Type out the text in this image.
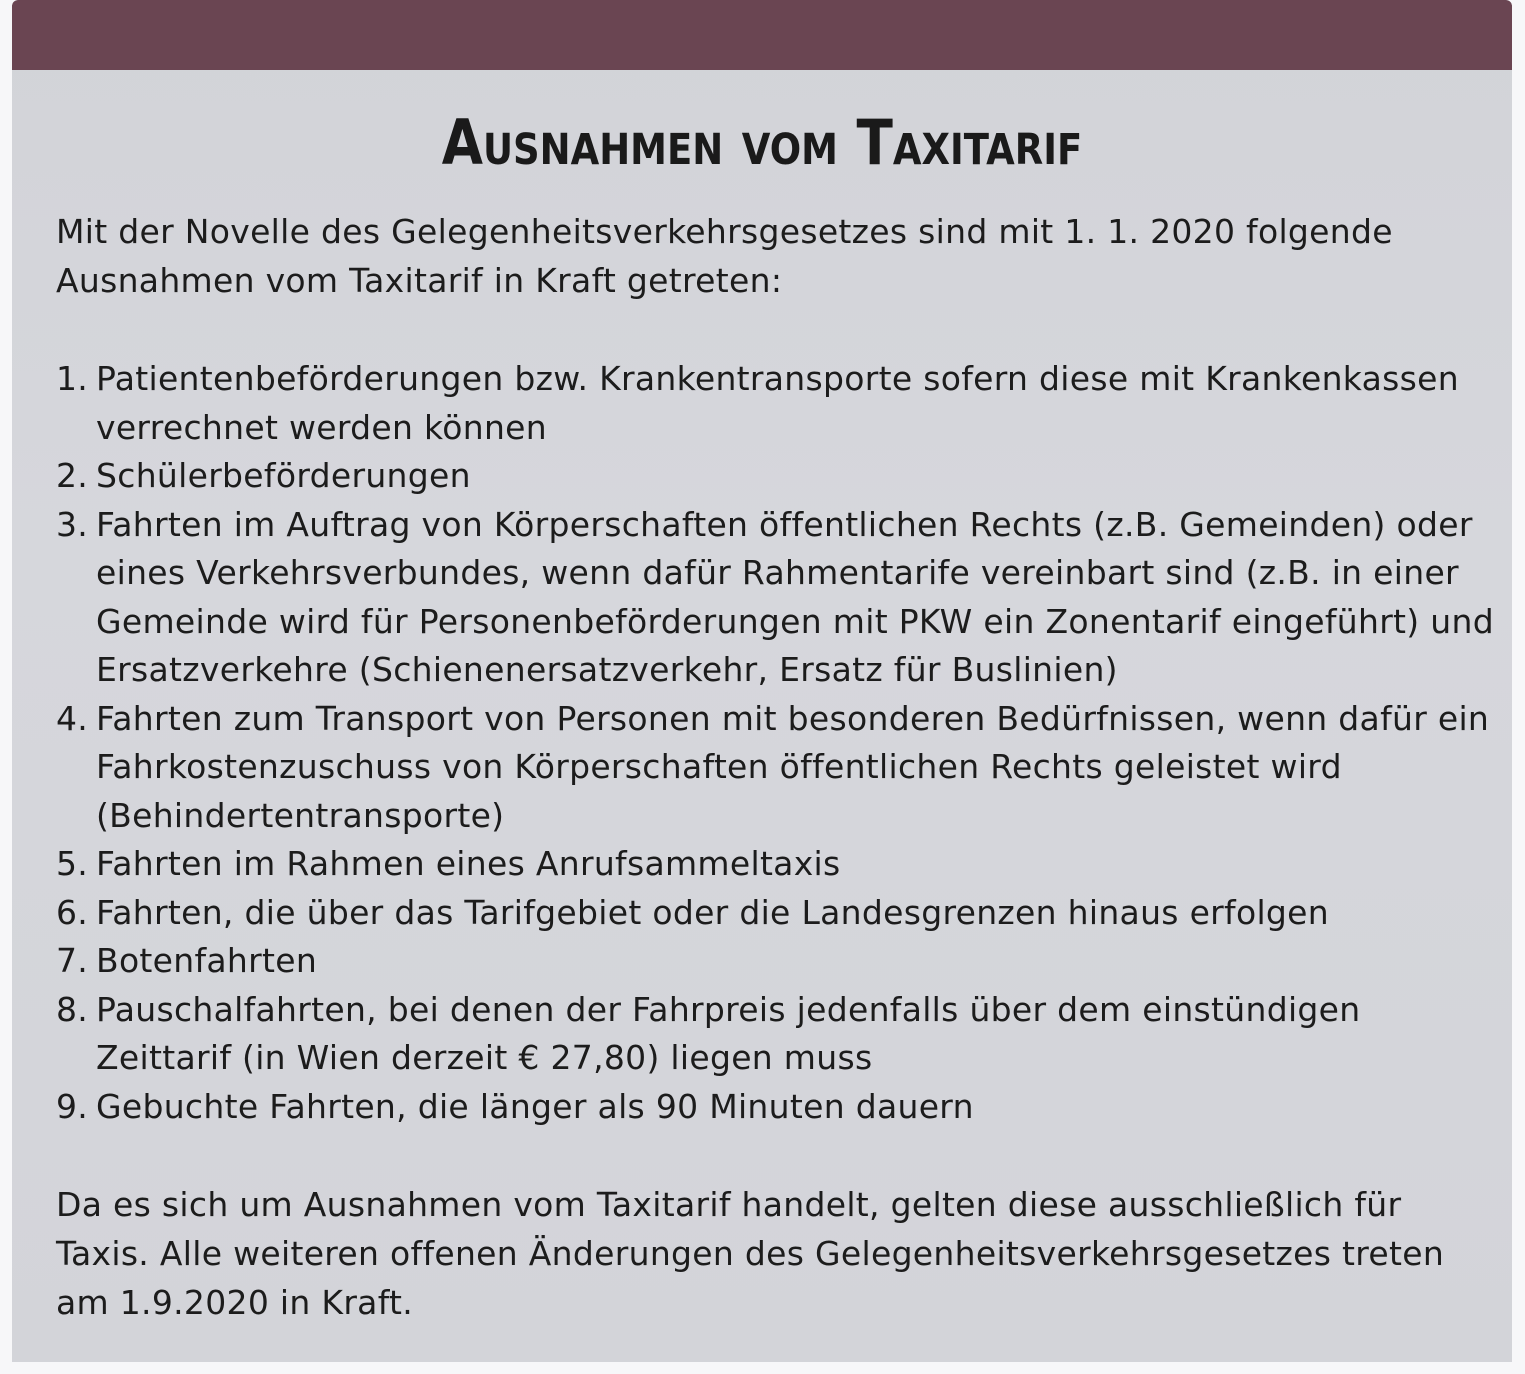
Ausnahmen vom Taxitarif
Mit der Novelle des Gelegenheitsverkehrsgesetzes sind mit 1. 1. 2020 folgende Ausnahmen vom Taxitarif in Kraft getreten:
1. Patientenbeförderungen bzw. Krankentransporte sofern diese mit Krankenkassen verrechnet werden können
2. Schülerbeförderungen
3. Fahrten im Auftrag von Körperschaften öffentlichen Rechts (z.B. Gemeinden) oder eines Verkehrsverbundes, wenn dafür Rahmentarife vereinbart sind (z.B. in einer Gemeinde wird für Personenbeförderungen mit PKW ein Zonentarif eingeführt) und Ersatzverkehre (Schienenersatzverkehr, Ersatz für Buslinien)
4. Fahrten zum Transport von Personen mit besonderen Bedürfnissen, wenn dafür ein Fahrkostenzuschuss von Körperschaften öffentlichen Rechts geleistet wird (Behindertentransporte)
5. Fahrten im Rahmen eines Anrufsammeltaxis
6. Fahrten, die über das Tarifgebiet oder die Landesgrenzen hinaus erfolgen
7. Botenfahrten
8. Pauschalfahrten, bei denen der Fahrpreis jedenfalls über dem einstündigen Zeittarif (in Wien derzeit € 27,80) liegen muss
9. Gebuchte Fahrten, die länger als 90 Minuten dauern
Da es sich um Ausnahmen vom Taxitarif handelt, gelten diese ausschließlich für Taxis. Alle weiteren offenen Änderungen des Gelegenheitsverkehrsgesetzes treten am 1.9.2020 in Kraft.
